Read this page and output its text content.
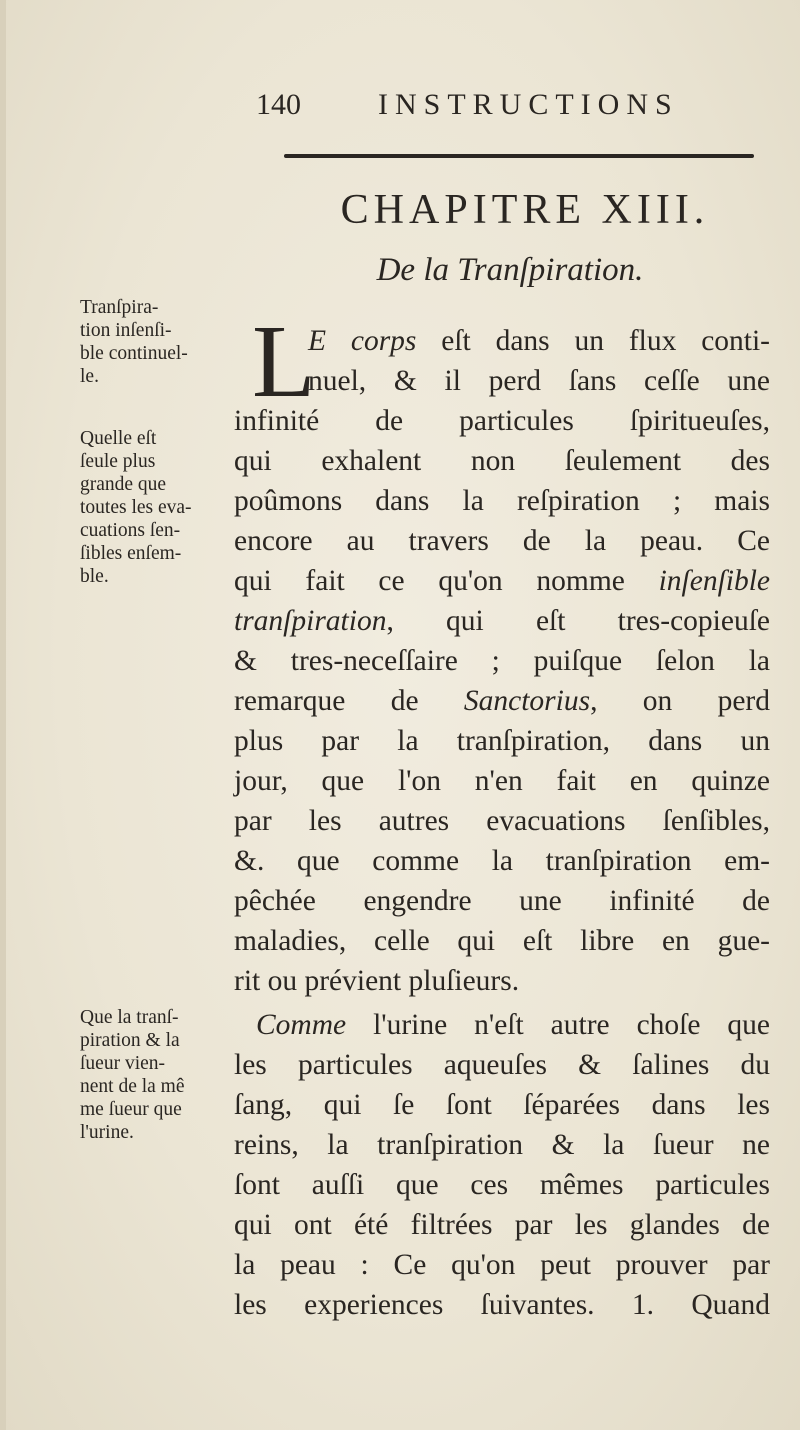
140	INSTRUCTIONS
CHAPITRE XIII.
De la Tranſpiration.
Tranſpira-
tion inſenſi-
ble continuel-
le.
Quelle eſt
ſeule plus
grande que
toutes les eva-
cuations ſen-
ſibles enſem-
ble.
Que la tranſ-
piration & la
ſueur vien-
nent de la mê
me ſueur que
l'urine.
L
E corps eſt dans un flux conti-
nuel, & il perd ſans ceſſe une
infinité de particules ſpiritueuſes,
qui exhalent non ſeulement des
poûmons dans la reſpiration ; mais
encore au travers de la peau. Ce
qui fait ce qu'on nomme inſenſible
tranſpiration, qui eſt tres-copieuſe
& tres-neceſſaire ; puiſque ſelon la
remarque de Sanctorius, on perd
plus par la tranſpiration, dans un
jour, que l'on n'en fait en quinze
par les autres evacuations ſenſibles,
&. que comme la tranſpiration em-
pêchée engendre une infinité de
maladies, celle qui eſt libre en gue-
rit ou prévient pluſieurs.
Comme l'urine n'eſt autre choſe que
les particules aqueuſes & ſalines du
ſang, qui ſe ſont ſéparées dans les
reins, la tranſpiration & la ſueur ne
ſont auſſi que ces mêmes particules
qui ont été filtrées par les glandes de
la peau : Ce qu'on peut prouver par
les experiences ſuivantes. 1. Quand
